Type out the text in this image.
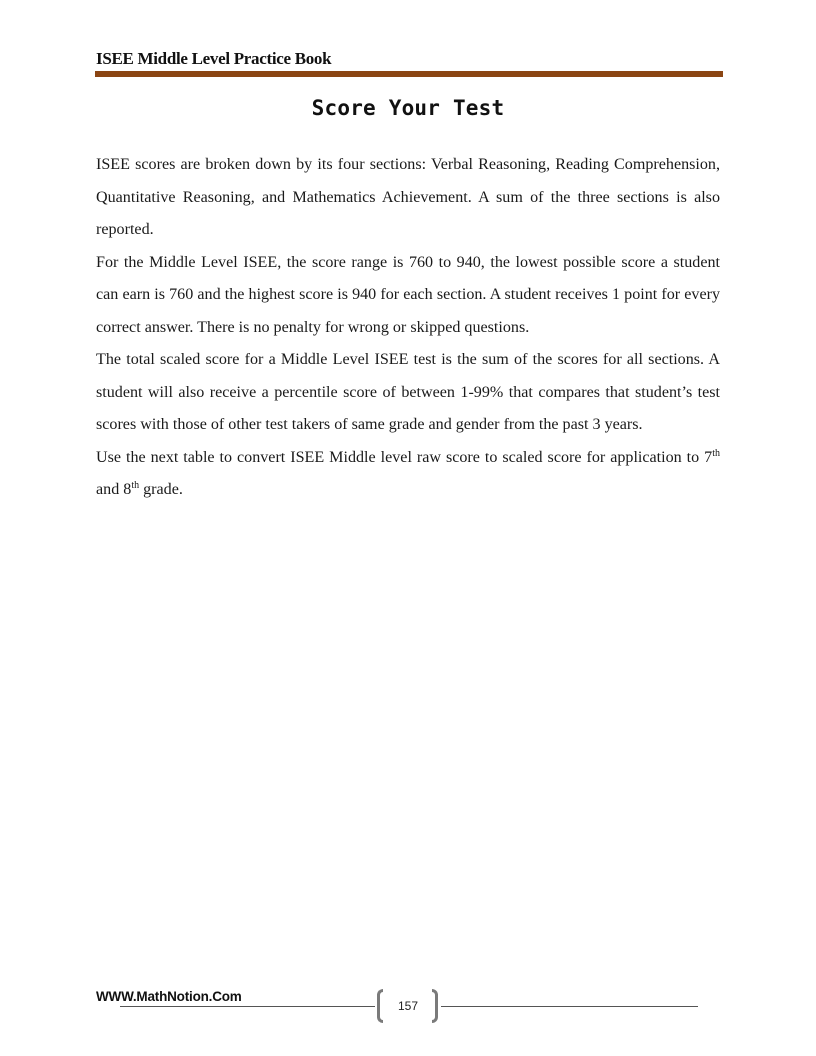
ISEE Middle Level Practice Book
Score Your Test

ISEE scores are broken down by its four sections: Verbal Reasoning, Reading Comprehension, Quantitative Reasoning, and Mathematics Achievement. A sum of the three sections is also reported.

For the Middle Level ISEE, the score range is 760 to 940, the lowest possible score a student can earn is 760 and the highest score is 940 for each section. A student receives 1 point for every correct answer. There is no penalty for wrong or skipped questions.

The total scaled score for a Middle Level ISEE test is the sum of the scores for all sections. A student will also receive a percentile score of between 1-99% that compares that student’s test scores with those of other test takers of same grade and gender from the past 3 years.

Use the next table to convert ISEE Middle level raw score to scaled score for application to 7th and 8th grade.

WWW.MathNotion.Com
157
